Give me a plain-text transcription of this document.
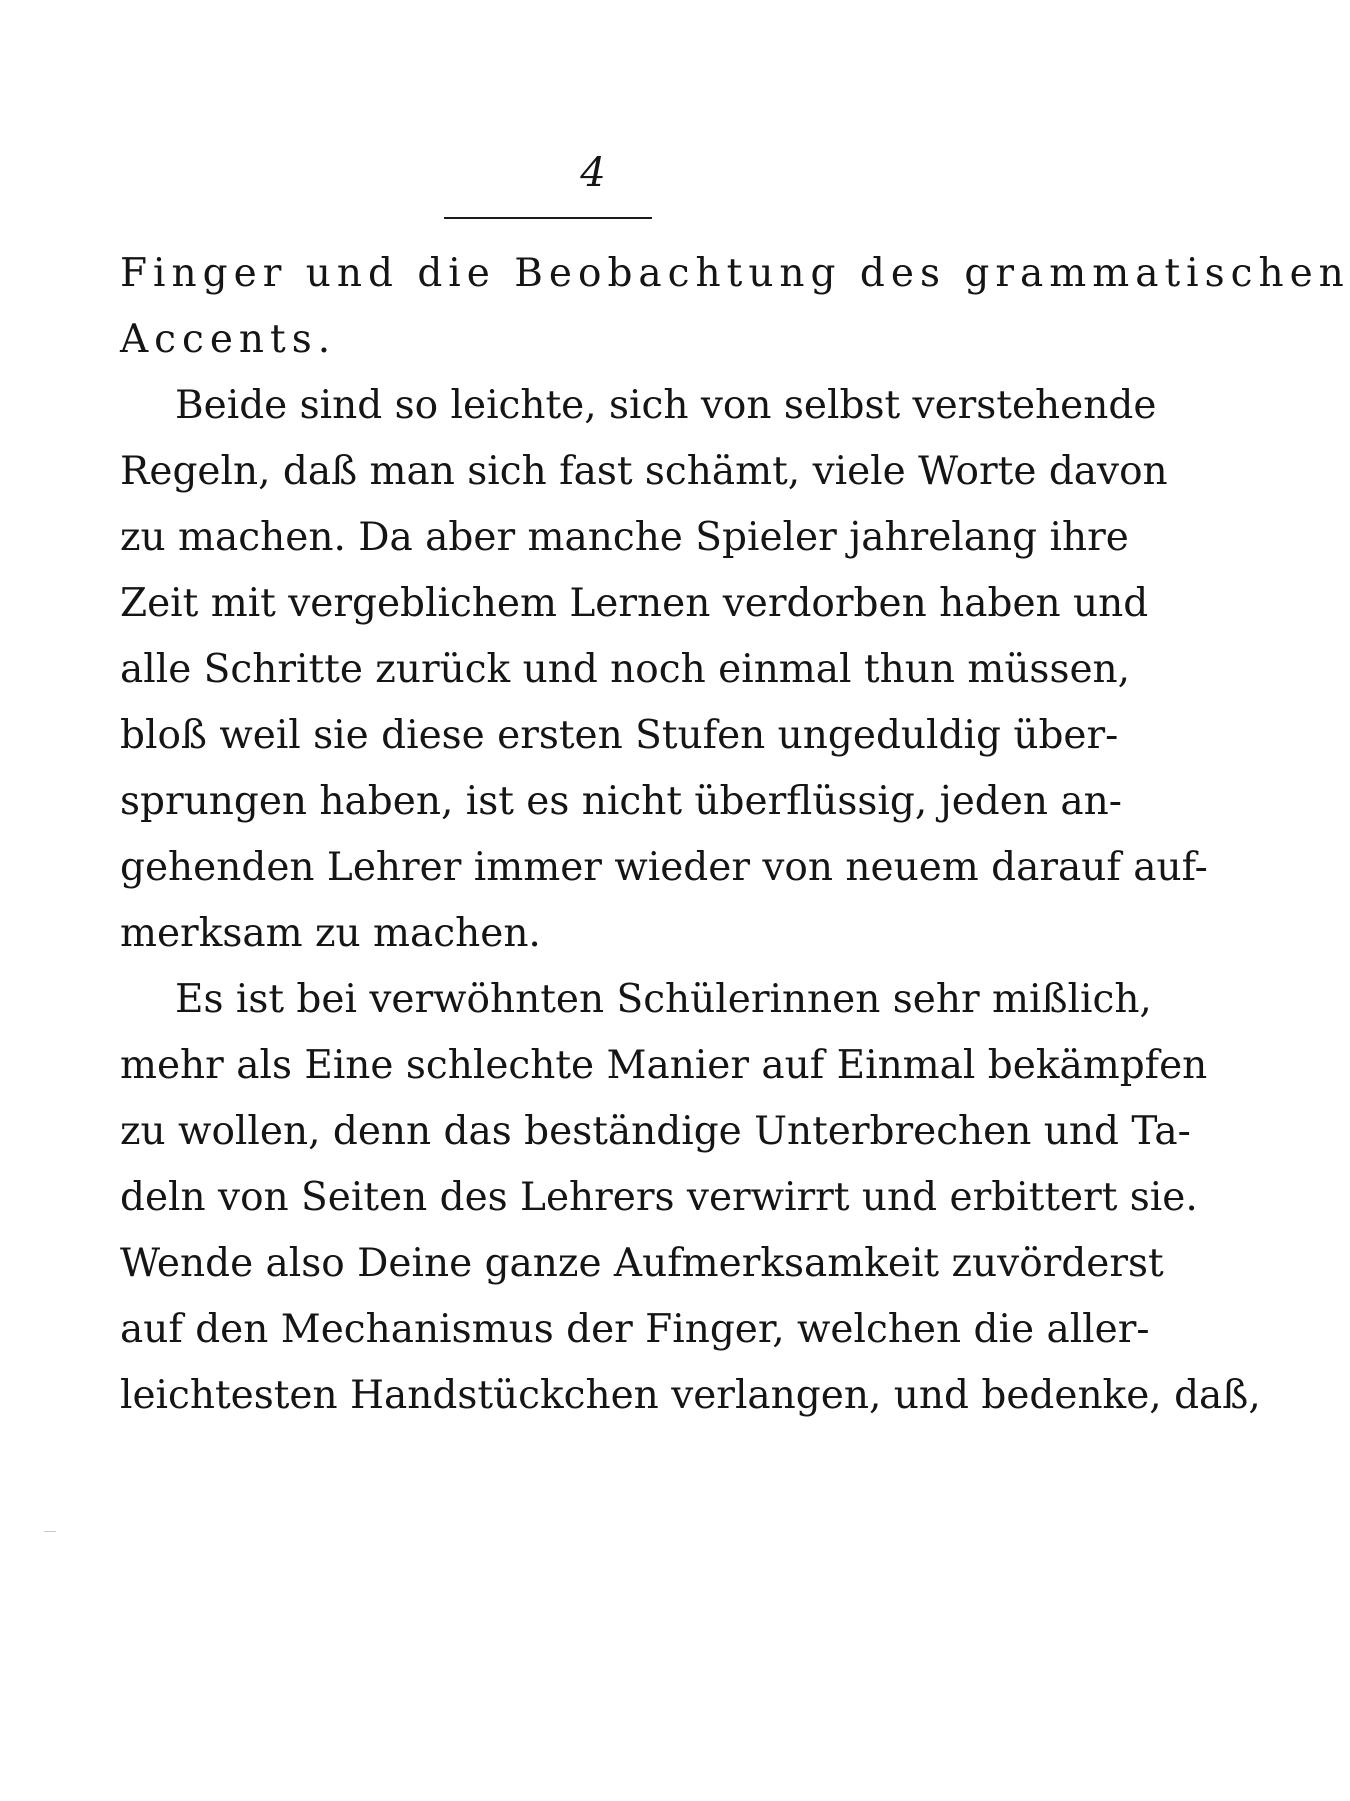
4
Finger und die Beobachtung des grammatischen
Accents.
Beide sind so leichte, sich von selbst verstehende
Regeln, daß man sich fast schämt, viele Worte davon
zu machen. Da aber manche Spieler jahrelang ihre
Zeit mit vergeblichem Lernen verdorben haben und
alle Schritte zurück und noch einmal thun müssen,
bloß weil sie diese ersten Stufen ungeduldig über-
sprungen haben, ist es nicht überflüssig, jeden an-
gehenden Lehrer immer wieder von neuem darauf auf-
merksam zu machen.
Es ist bei verwöhnten Schülerinnen sehr mißlich,
mehr als Eine schlechte Manier auf Einmal bekämpfen
zu wollen, denn das beständige Unterbrechen und Ta-
deln von Seiten des Lehrers verwirrt und erbittert sie.
Wende also Deine ganze Aufmerksamkeit zuvörderst
auf den Mechanismus der Finger, welchen die aller-
leichtesten Handstückchen verlangen, und bedenke, daß,
